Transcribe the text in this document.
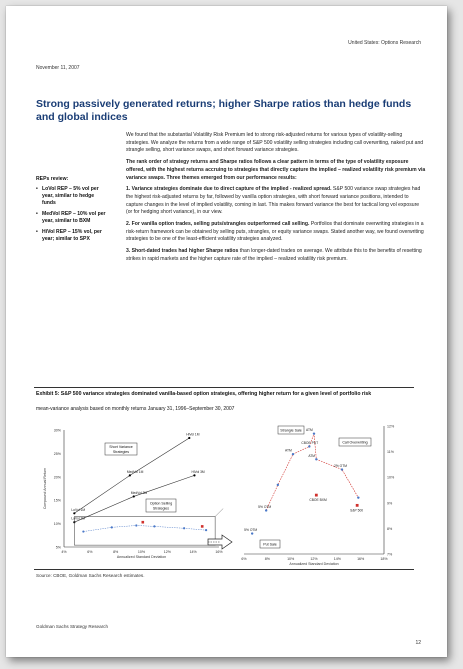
United States: Options Research
November 11, 2007
Strong passively generated returns; higher Sharpe ratios than hedge funds and global indices
REPs review:
• LoVol REP – 5% vol per year, similar to hedge funds
• MedVol REP – 10% vol per year, similar to BXM
• HiVol REP – 15% vol, per year; similar to SPX

We found that the substantial Volatility Risk Premium led to strong risk-adjusted returns for various types of volatility-selling strategies. We analyze the returns from a wide range of S&P 500 volatility selling strategies including call overwriting, naked put and strangle selling, short variance swaps, and short forward variance strategies.

The rank order of strategy returns and Sharpe ratios follows a clear pattern in terms of the type of volatility exposure offered, with the highest returns accruing to strategies that directly capture the implied – realized volatility risk premium via variance swaps. Three themes emerged from our performance results:

1. Variance strategies dominate due to direct capture of the implied - realized spread. S&P 500 variance swap strategies had the highest risk-adjusted returns by far, followed by vanilla option strategies, with short forward variance positions, intended to capture changes in the level of implied volatility, coming in last. This makes forward variance the best for tactical long vol exposure (or for hedging short variance), in our view.

2. For vanilla option trades, selling puts/strangles outperformed call selling. Portfolios that dominate overwriting strategies in a risk-return framework can be obtained by selling puts, strangles, or equity variance swaps. Stated another way, we found overwriting strategies to be one of the least-efficient volatility strategies analyzed.

3. Short-dated trades had higher Sharpe ratios than longer-dated trades on average. We attribute this to the benefits of resetting strikes in rapid markets and the higher capture rate of the implied – realized volatility risk premium.

Exhibit 5: S&P 500 variance strategies dominated vanilla-based option strategies, offering higher return for a given level of portfolio risk
mean-variance analysis based on monthly returns January 31, 1996–September 30, 2007
30%
25%
20%
15%
10%
5%
4%	6%	8%	10%	12%	14%	16%
Annualized Standard Deviation
Compound Annual Return
LoVol 1M
LoVol 3M
MedVol 1M
MedVol 3M
HiVol 1M
HiVol 3M
Short Variance
Strategies
Option Selling
Strategies
12%
11%
10%
9%
8%
7%
6%	8%	10%	12%	14%	16%	18%
Annualized Standard Deviation
5% OTM
ATM
CBOE PUT
ATM
ATM
2% OTM
5% OTM
CBOE BXM
S&P 500
Strangle Sale
Call Overwriting
Put Sale
Source: CBOE, Goldman Sachs Research estimates.
Goldman Sachs Strategy Research
12
